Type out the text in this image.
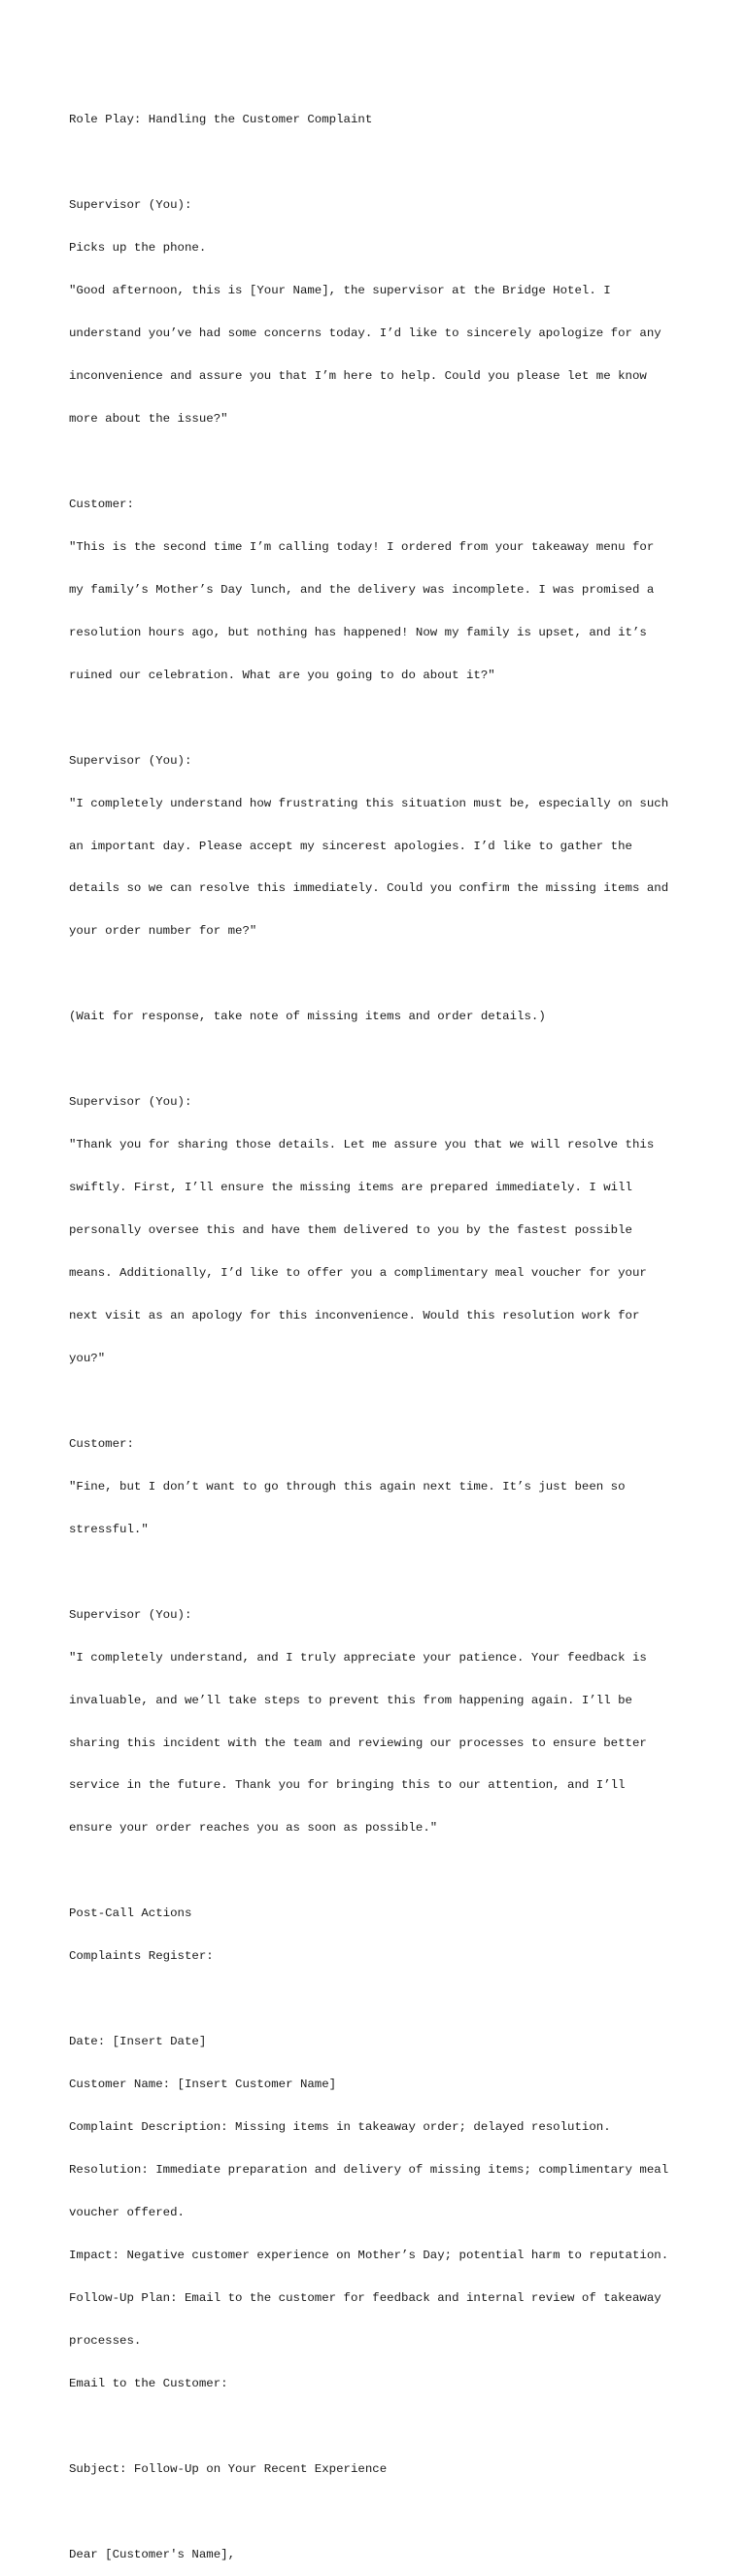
Role Play: Handling the Customer Complaint

Supervisor (You):

Picks up the phone.

"Good afternoon, this is [Your Name], the supervisor at the Bridge Hotel. I

understand you’ve had some concerns today. I’d like to sincerely apologize for any

inconvenience and assure you that I’m here to help. Could you please let me know

more about the issue?"

Customer:

"This is the second time I’m calling today! I ordered from your takeaway menu for

my family’s Mother’s Day lunch, and the delivery was incomplete. I was promised a

resolution hours ago, but nothing has happened! Now my family is upset, and it’s

ruined our celebration. What are you going to do about it?"

Supervisor (You):

"I completely understand how frustrating this situation must be, especially on such

an important day. Please accept my sincerest apologies. I’d like to gather the

details so we can resolve this immediately. Could you confirm the missing items and

your order number for me?"

(Wait for response, take note of missing items and order details.)

Supervisor (You):

"Thank you for sharing those details. Let me assure you that we will resolve this

swiftly. First, I’ll ensure the missing items are prepared immediately. I will

personally oversee this and have them delivered to you by the fastest possible

means. Additionally, I’d like to offer you a complimentary meal voucher for your

next visit as an apology for this inconvenience. Would this resolution work for

you?"

Customer:

"Fine, but I don’t want to go through this again next time. It’s just been so

stressful."

Supervisor (You):

"I completely understand, and I truly appreciate your patience. Your feedback is

invaluable, and we’ll take steps to prevent this from happening again. I’ll be

sharing this incident with the team and reviewing our processes to ensure better

service in the future. Thank you for bringing this to our attention, and I’ll

ensure your order reaches you as soon as possible."

Post-Call Actions

Complaints Register:

Date: [Insert Date]

Customer Name: [Insert Customer Name]

Complaint Description: Missing items in takeaway order; delayed resolution.

Resolution: Immediate preparation and delivery of missing items; complimentary meal

voucher offered.

Impact: Negative customer experience on Mother’s Day; potential harm to reputation.

Follow-Up Plan: Email to the customer for feedback and internal review of takeaway

processes.

Email to the Customer:

Subject: Follow-Up on Your Recent Experience

Dear [Customer's Name],
